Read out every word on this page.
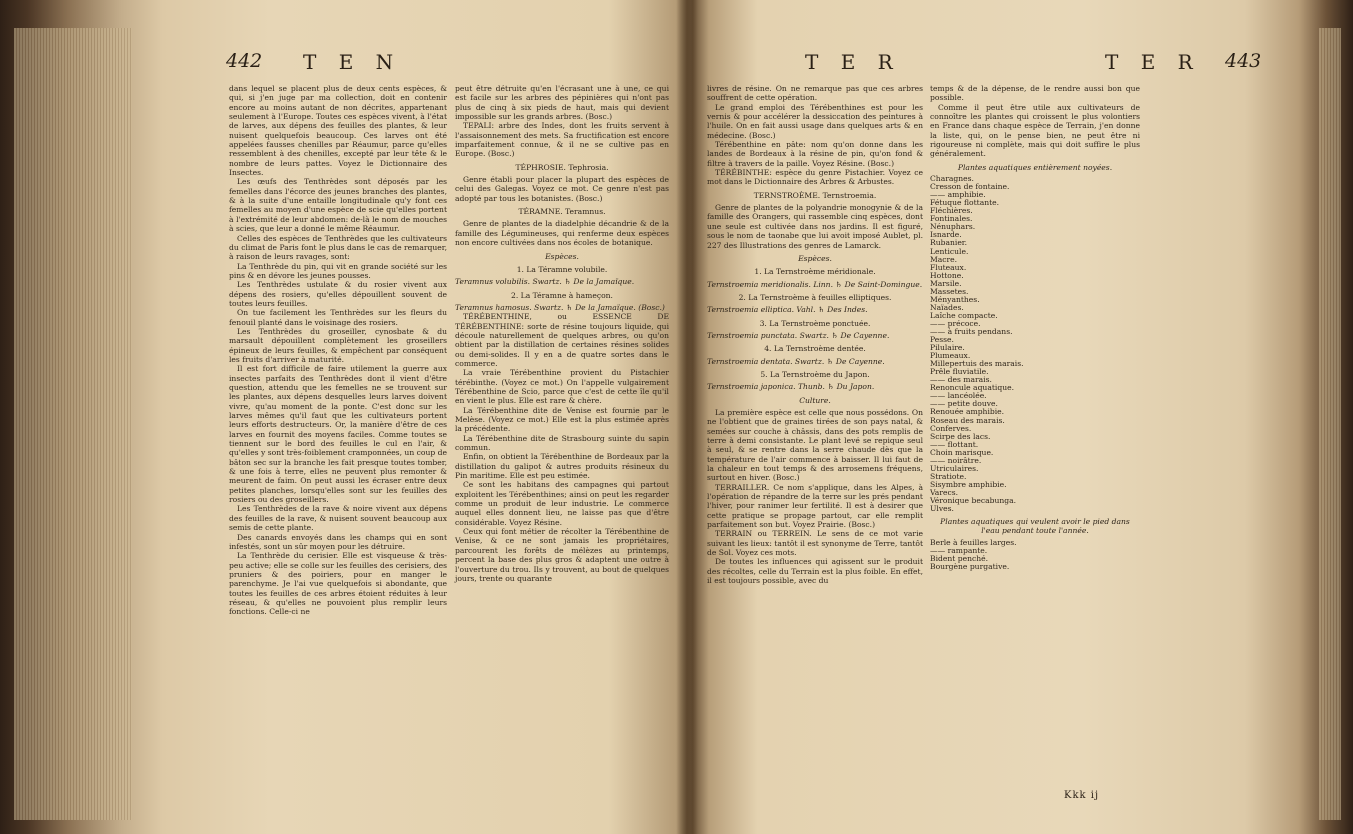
442 T E N

dans lequel se placent plus de deux cents espèces, & qui, si j'en juge par ma collection, doit en contenir encore au moins autant de non décrites, appartenant seulement à l'Europe. Toutes ces espèces vivent, à l'état de larves, aux dépens des feuilles des plantes, & leur nuisent quelquefois beaucoup. Ces larves ont été appelées fausses chenilles par Réaumur, parce qu'elles ressemblent à des chenilles, excepté par leur tête & le nombre de leurs pattes. Voyez le Dictionnaire des Insectes.

Les œufs des Tenthrèdes sont déposés par les femelles dans l'écorce des jeunes branches des plantes, & à la suite d'une entaille longitudinale qu'y font ces femelles au moyen d'une espèce de scie qu'elles portent à l'extrémité de leur abdomen: de-là le nom de mouches à scies, que leur a donné le même Réaumur.

Celles des espèces de Tenthrèdes que les cultivateurs du climat de Paris font le plus dans le cas de remarquer, à raison de leurs ravages, sont:

La Tenthrède du pin, qui vit en grande société sur les pins & en dévore les jeunes pousses.

Les Tenthrèdes ustulate & du rosier vivent aux dépens des rosiers, qu'elles dépouillent souvent de toutes leurs feuilles.

On tue facilement les Tenthrèdes sur les fleurs du fenouil planté dans le voisinage des rosiers.

Les Tenthrèdes du groseiller, cynosbate & du marsault dépouillent complètement les groseillers épineux de leurs feuilles, & empêchent par conséquent les fruits d'arriver à maturité.

Il est fort difficile de faire utilement la guerre aux insectes parfaits des Tenthrèdes dont il vient d'être question, attendu que les femelles ne se trouvent sur les plantes, aux dépens desquelles leurs larves doivent vivre, qu'au moment de la ponte. C'est donc sur les larves mêmes qu'il faut que les cultivateurs portent leurs efforts destructeurs. Or, la manière d'être de ces larves en fournit des moyens faciles. Comme toutes se tiennent sur le bord des feuilles le cul en l'air, & qu'elles y sont très-foiblement cramponnées, un coup de bâton sec sur la branche les fait presque toutes tomber, & une fois à terre, elles ne peuvent plus remonter & meurent de faim. On peut aussi les écraser entre deux petites planches, lorsqu'elles sont sur les feuilles des rosiers ou des groseillers.

Les Tenthrèdes de la rave & noire vivent aux dépens des feuilles de la rave, & nuisent souvent beaucoup aux semis de cette plante.

Des canards envoyés dans les champs qui en sont infestés, sont un sûr moyen pour les détruire.

La Tenthrède du cerisier. Elle est visqueuse & très-peu active; elle se colle sur les feuilles des cerisiers, des pruniers & des poiriers, pour en manger le parenchyme. Je l'ai vue quelquefois si abondante, que toutes les feuilles de ces arbres étoient réduites à leur réseau, & qu'elles ne pouvoient plus remplir leurs fonctions. Celle-ci ne

peut être détruite qu'en l'écrasant une à une, ce qui est facile sur les arbres des pépinières qui n'ont pas plus de cinq à six pieds de haut, mais qui devient impossible sur les grands arbres. (Bosc.)

TEPALI: arbre des Indes, dont les fruits servent à l'assaisonnement des mets. Sa fructification est encore imparfaitement connue, & il ne se cultive pas en Europe. (Bosc.)

TÉPHROSIE. Tephrosia.

Genre établi pour placer la plupart des espèces de celui des Galegas. Voyez ce mot. Ce genre n'est pas adopté par tous les botanistes. (Bosc.)

TÉRAMNE. Teramnus.

Genre de plantes de la diadelphie décandrie & de la famille des Légumineuses, qui renferme deux espèces non encore cultivées dans nos écoles de botanique.

Espèces.

1. La Téramne volubile.

Teramnus volubilis. Swartz. ♄ De la Jamaïque.

2. La Téramne à hameçon.

Teramnus hamosus. Swartz. ♄ De la Jamaïque. (Bosc.)

TÉRÉBENTHINE, ou ESSENCE DE TÉRÉBENTHINE: sorte de résine toujours liquide, qui découle naturellement de quelques arbres, ou qu'on obtient par la distillation de certaines résines solides ou demi-solides. Il y en a de quatre sortes dans le commerce.

La vraie Térébenthine provient du Pistachier térébinthe. (Voyez ce mot.) On l'appelle vulgairement Térébenthine de Scio, parce que c'est de cette île qu'il en vient le plus. Elle est rare & chère.

La Térébenthine dite de Venise est fournie par le Melèse. (Voyez ce mot.) Elle est la plus estimée après la précédente.

La Térébenthine dite de Strasbourg suinte du sapin commun.

Enfin, on obtient la Térébenthine de Bordeaux par la distillation du galipot & autres produits résineux du Pin maritime. Elle est peu estimée.

Ce sont les habitans des campagnes qui partout exploitent les Térébenthines; ainsi on peut les regarder comme un produit de leur industrie. Le commerce auquel elles donnent lieu, ne laisse pas que d'être considérable. Voyez Résine.

Ceux qui font métier de récolter la Térébenthine de Venise, & ce ne sont jamais les propriétaires, parcourent les forêts de mélèzes au printemps, percent la base des plus gros & adaptent une outre à l'ouverture du trou. Ils y trouvent, au bout de quelques jours, trente ou quarante

T E R	T E R 443

livres de résine. On ne remarque pas que ces arbres souffrent de cette opération.

Le grand emploi des Térébenthines est pour les vernis & pour accélérer la dessiccation des peintures à l'huile. On en fait aussi usage dans quelques arts & en médecine. (Bosc.)

Térébenthine en pâte: nom qu'on donne dans les landes de Bordeaux à la résine de pin, qu'on fond & filtre à travers de la paille. Voyez Résine. (Bosc.)

TÉRÉBINTHE: espèce du genre Pistachier. Voyez ce mot dans le Dictionnaire des Arbres & Arbustes.

TERNSTROÈME. Ternstroemia.

Genre de plantes de la polyandrie monogynie & de la famille des Orangers, qui rassemble cinq espèces, dont une seule est cultivée dans nos jardins. Il est figuré, sous le nom de taonabe que lui avoit imposé Aublet, pl. 227 des Illustrations des genres de Lamarck.

Espèces.

1. La Ternstroème méridionale.

Ternstroemia meridionalis. Linn. ♄ De Saint-Domingue.

2. La Ternstroème à feuilles elliptiques.

Ternstroemia elliptica. Vahl. ♄ Des Indes.

3. La Ternstroème ponctuée.

Ternstroemia punctata. Swartz. ♄ De Cayenne.

4. La Ternstroème dentée.

Ternstroemia dentata. Swartz. ♄ De Cayenne.

5. La Ternstroème du Japon.

Ternstroemia japonica. Thunb. ♄ Du Japon.

Culture.

La première espèce est celle que nous possédons. On ne l'obtient que de graines tirées de son pays natal, & semées sur couche à châssis, dans des pots remplis de terre à demi consistante. Le plant levé se repique seul à seul, & se rentre dans la serre chaude dès que la température de l'air commence à baisser. Il lui faut de la chaleur en tout temps & des arrosemens fréquens, surtout en hiver. (Bosc.)

TERRAILLER. Ce nom s'applique, dans les Alpes, à l'opération de répandre de la terre sur les prés pendant l'hiver, pour ranimer leur fertilité. Il est à desirer que cette pratique se propage partout, car elle remplit parfaitement son but. Voyez Prairie. (Bosc.)

TERRAIN ou TERREIN. Le sens de ce mot varie suivant les lieux: tantôt il est synonyme de Terre, tantôt de Sol. Voyez ces mots.

De toutes les influences qui agissent sur le produit des récoltes, celle du Terrain est la plus foible. En effet, il est toujours possible, avec du

temps & de la dépense, de le rendre aussi bon que possible.

Comme il peut être utile aux cultivateurs de connoître les plantes qui croissent le plus volontiers en France dans chaque espèce de Terrain, j'en donne la liste, qui, on le pense bien, ne peut être ni rigoureuse ni complète, mais qui doit suffire le plus généralement.

Plantes aquatiques entièrement noyées.

Charagnes.

Cresson de fontaine.

—— amphibie.

Fétuque flottante.

Fléchières.

Fontinales.

Nénuphars.

Isnarde.

Rubanier.

Lenticule.

Macre.

Fluteaux.

Hottone.

Marsile.

Massetes.

Ményanthes.

Naïades.

Laîche compacte.

—— précoce.

—— à fruits pendans.

Pesse.

Pilulaire.

Plumeaux.

Millepertuis des marais.

Prêle fluviatile.

—— des marais.

Renoncule aquatique.

—— lancéolée.

—— petite douve.

Renouée amphibie.

Roseau des marais.

Conferves.

Scirpe des lacs.

—— flottant.

Choin marisque.

—— noirâtre.

Utriculaires.

Stratiote.

Sisymbre amphibie.

Varecs.

Véronique becabunga.

Ulves.

Plantes aquatiques qui veulent avoir le pied dans l'eau pendant toute l'année.

Berle à feuilles larges.

—— rampante.

Bident penché.

Bourgène purgative.

Kkk ij
